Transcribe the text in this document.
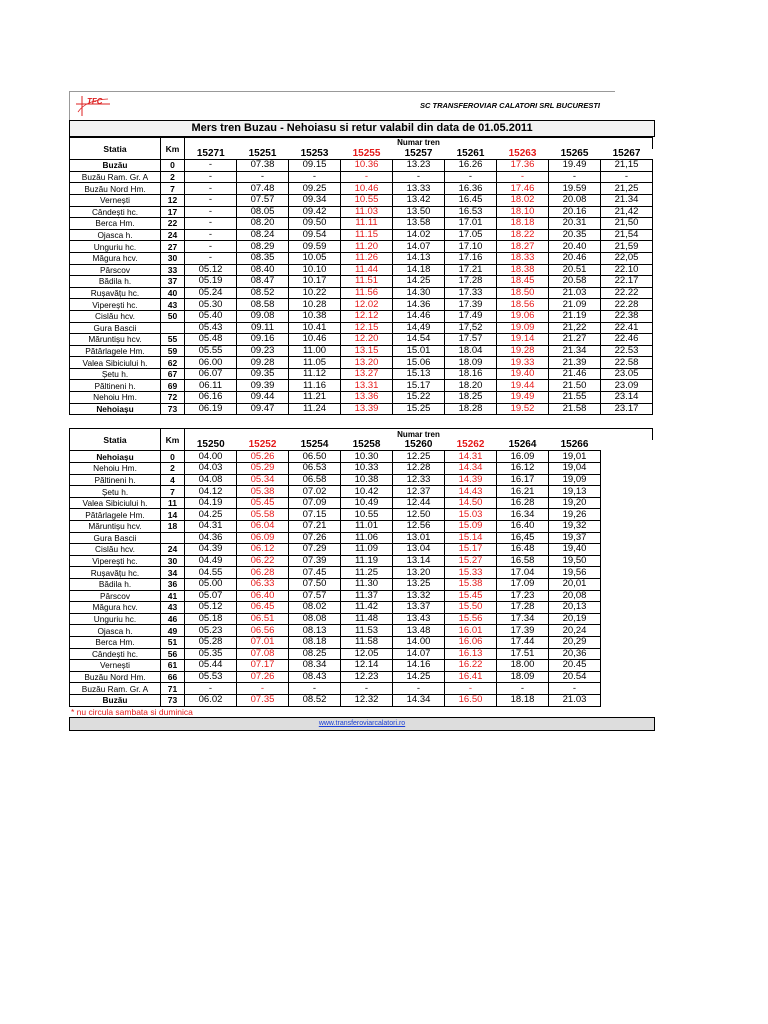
TFC	SC TRANSFEROVIAR CALATORI SRL BUCURESTI
Mers tren Buzau - Nehoiasu si retur valabil din data de 01.05.2011
Statia	Km	Numar tren								
		15271	15251	15253	15255	15257	15261	15263	15265	15267
Buzău	0	-	07.38	09.15	10.36	13.23	16.26	17.36	19.49	21,15
Buzău Ram. Gr. A	2	-	-	-	-	-	-	-	-	-
Buzău Nord Hm.	7	-	07.48	09.25	10.46	13.33	16.36	17.46	19.59	21,25
Vernești	12	-	07.57	09.34	10.55	13.42	16.45	18.02	20.08	21.34
Cândești hc.	17	-	08.05	09.42	11.03	13.50	16.53	18.10	20.16	21,42
Berca Hm.	22	-	08.20	09.50	11.11	13.58	17.01	18.18	20.31	21,50
Ojasca h.	24	-	08.24	09.54	11.15	14.02	17.05	18.22	20.35	21,54
Unguriu hc.	27	-	08.29	09.59	11.20	14.07	17.10	18.27	20.40	21,59
Măgura hcv.	30	-	08.35	10.05	11.26	14.13	17.16	18.33	20.46	22,05
Pârscov	33	05.12	08.40	10.10	11.44	14.18	17.21	18.38	20.51	22.10
Bădila h.	37	05.19	08.47	10.17	11.51	14.25	17.28	18.45	20.58	22.17
Rușavățu hc.	40	05.24	08.52	10.22	11.56	14.30	17.33	18.50	21.03	22.22
Viperești hc.	43	05.30	08.58	10.28	12.02	14.36	17.39	18.56	21.09	22.28
Cislău hcv.	50	05.40	09.08	10.38	12.12	14.46	17.49	19.06	21.19	22.38
Gura Bascii		05.43	09.11	10.41	12.15	14,49	17,52	19.09	21,22	22.41
Măruntișu hcv.	55	05.48	09.16	10.46	12.20	14.54	17.57	19.14	21.27	22.46
Pătârlagele Hm.	59	05.55	09.23	11.00	13.15	15.01	18.04	19.28	21.34	22.53
Valea Sibiciului h.	62	06.00	09.28	11.05	13.20	15.06	18.09	19.33	21.39	22.58
Șetu h.	67	06.07	09.35	11.12	13.27	15.13	18.16	19.40	21.46	23.05
Păltineni h.	69	06.11	09.39	11.16	13.31	15.17	18.20	19.44	21.50	23.09
Nehoiu Hm.	72	06.16	09.44	11.21	13.36	15.22	18.25	19.49	21.55	23.14
Nehoiașu	73	06.19	09.47	11.24	13.39	15.25	18.28	19.52	21.58	23.17
Statia	Km	Numar tren								
		15250	15252	15254	15258	15260	15262	15264	15266	
Nehoiașu	0	04.00	05.26	06.50	10.30	12.25	14.31	16.09	19,01	
Nehoiu Hm.	2	04.03	05.29	06.53	10.33	12.28	14.34	16.12	19,04	
Păltineni h.	4	04.08	05.34	06.58	10.38	12.33	14.39	16.17	19,09	
Șetu h.	7	04.12	05.38	07.02	10.42	12.37	14.43	16.21	19,13	
Valea Sibiciului h.	11	04.19	05.45	07.09	10.49	12.44	14.50	16.28	19,20	
Pătârlagele Hm.	14	04.25	05.58	07.15	10.55	12.50	15.03	16.34	19,26	
Măruntișu hcv.	18	04.31	06.04	07.21	11.01	12.56	15.09	16.40	19,32	
Gura Bascii		04.36	06.09	07.26	11.06	13.01	15.14	16,45	19,37	
Cislău hcv.	24	04.39	06.12	07.29	11.09	13.04	15.17	16.48	19,40	
Viperești hc.	30	04.49	06.22	07.39	11.19	13.14	15.27	16.58	19,50	
Rușavățu hc.	34	04.55	06.28	07.45	11.25	13.20	15.33	17.04	19,56	
Bădila h.	36	05.00	06.33	07.50	11.30	13.25	15.38	17.09	20,01	
Pârscov	41	05.07	06.40	07.57	11.37	13.32	15.45	17.23	20,08	
Măgura hcv.	43	05.12	06.45	08.02	11.42	13.37	15.50	17.28	20,13	
Unguriu hc.	46	05.18	06.51	08.08	11.48	13.43	15.56	17.34	20,19	
Ojasca h.	49	05.23	06.56	08.13	11.53	13.48	16.01	17.39	20,24	
Berca Hm.	51	05.28	07.01	08.18	11.58	14.00	16.06	17.44	20,29	
Cândești hc.	56	05.35	07.08	08.25	12.05	14.07	16.13	17.51	20,36	
Vernești	61	05.44	07.17	08.34	12.14	14.16	16.22	18.00	20.45	
Buzău Nord Hm.	66	05.53	07.26	08.43	12.23	14.25	16.41	18.09	20.54	
Buzău Ram. Gr. A	71	-	-	-	-	-	-	-	-	
Buzău	73	06.02	07.35	08.52	12.32	14.34	16.50	18.18	21.03	
* nu circula sambata si duminica
www.transferoviarcalatori.ro
